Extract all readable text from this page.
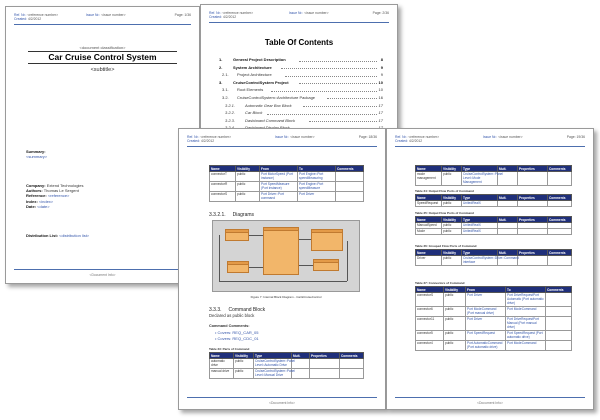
Ref. Nr.: <reference number>
Created: 4/2/2012
Issue Nr.: <issue number>	Page: 1/36
<document classification>
Car Cruise Control System
<subtitle>
Summary:
<summary>
Company: Extend Technologies
Authors: Thomas Le Sergent
Reference: <reference>
Index: <index>
Date: <date>
Distribution List: <distribution list>
<Document Info>
Ref. Nr.: <reference number>
Created: 4/2/2012
Issue Nr.: <issue number>	Page: 2/36
Table Of Contents
1.	General Project Description	8
2.	System Architecture	9
2.1. Project Architecture	9
3.	CruiseControlSystem Project	10
3.1. Root Elements	10
3.2. CruiseControlSystem::Architecture Package	16
3.2.1. Automatic Gear Box Block	17
3.2.2. Car Block	17
3.2.3. Dashboard Command Block	17
Ref. Nr.: <reference number>
Created: 4/2/2012
Issue Nr.: <issue number>	Page: 18/36
Name	Visibility	From	To	Comments
connectorT	public	Port MotorSpeed (Port instance)	Port Engine::Port speedMeasuring	
connectorR	public	Port SpeedMeasure (Port instance)	Port Engine::Port speedMeasure	
connectorS	public	Port Driver::Port command	Port Driver	
3.3.2.1. Diagrams
Figure 7: Internal Block Diagram - Car&CruiseControl
3.3.3. Command Block
Declared as public block
Command Comments:
• Covers: REQ_CAR_05
• Covers: REQ_CDC_01
Table 23: Parts of Command
Name	Visibility	Type	Mult.	Properties	Comments
automatic drive	public	CruiseControlSystem::Panel Level::Automatic Drive			
manual drive	public	CruiseControlSystem::Panel Level::Manual Drive			
<Document Info>
Ref. Nr.: <reference number>
Created: 4/2/2012
Issue Nr.: <issue number>	Page: 19/36
Name	Visibility	Type	Mult.	Properties	Comments
mode management	public	CruiseControlSystem::Panel Level::Mode Management			
Table 24: Output Flow Ports of Command
Name	Visibility	Type	Mult.	Properties	Comments
SpeedRequest	public	UnitedRealX			
Table 25: Output Flow Ports of Command
Name	Visibility	Type	Mult.	Properties	Comments
ManualSpeed	public	UnitedRealX			
Mode	public	UnitedRealX			
Table 26: Grouped Flow Ports of Command
Name	Visibility	Type	Mult.	Properties	Comments
Driver	public	CruiseControlSystem::Drive::Command interface			
Table 27: Connectors of Command
Name	Visibility	From	To	Comments
connectorS	public	Port Driver	Port DriveRequestPort Automatic (Port automatic drive)	
connector6	public	Port ModeCommand (Port manual drive)	Port ModeCommand	
connector11	public	Port Driver	Port DriveRequestPort Manual (Port manual drive)	
connector5	public	Port SpeedRequest	Port SpeedRequest (Port automatic drive)	
connector4	public	Port AutomaticCommand (Port automatic drive)	Port ModeCommand	
<Document Info>
